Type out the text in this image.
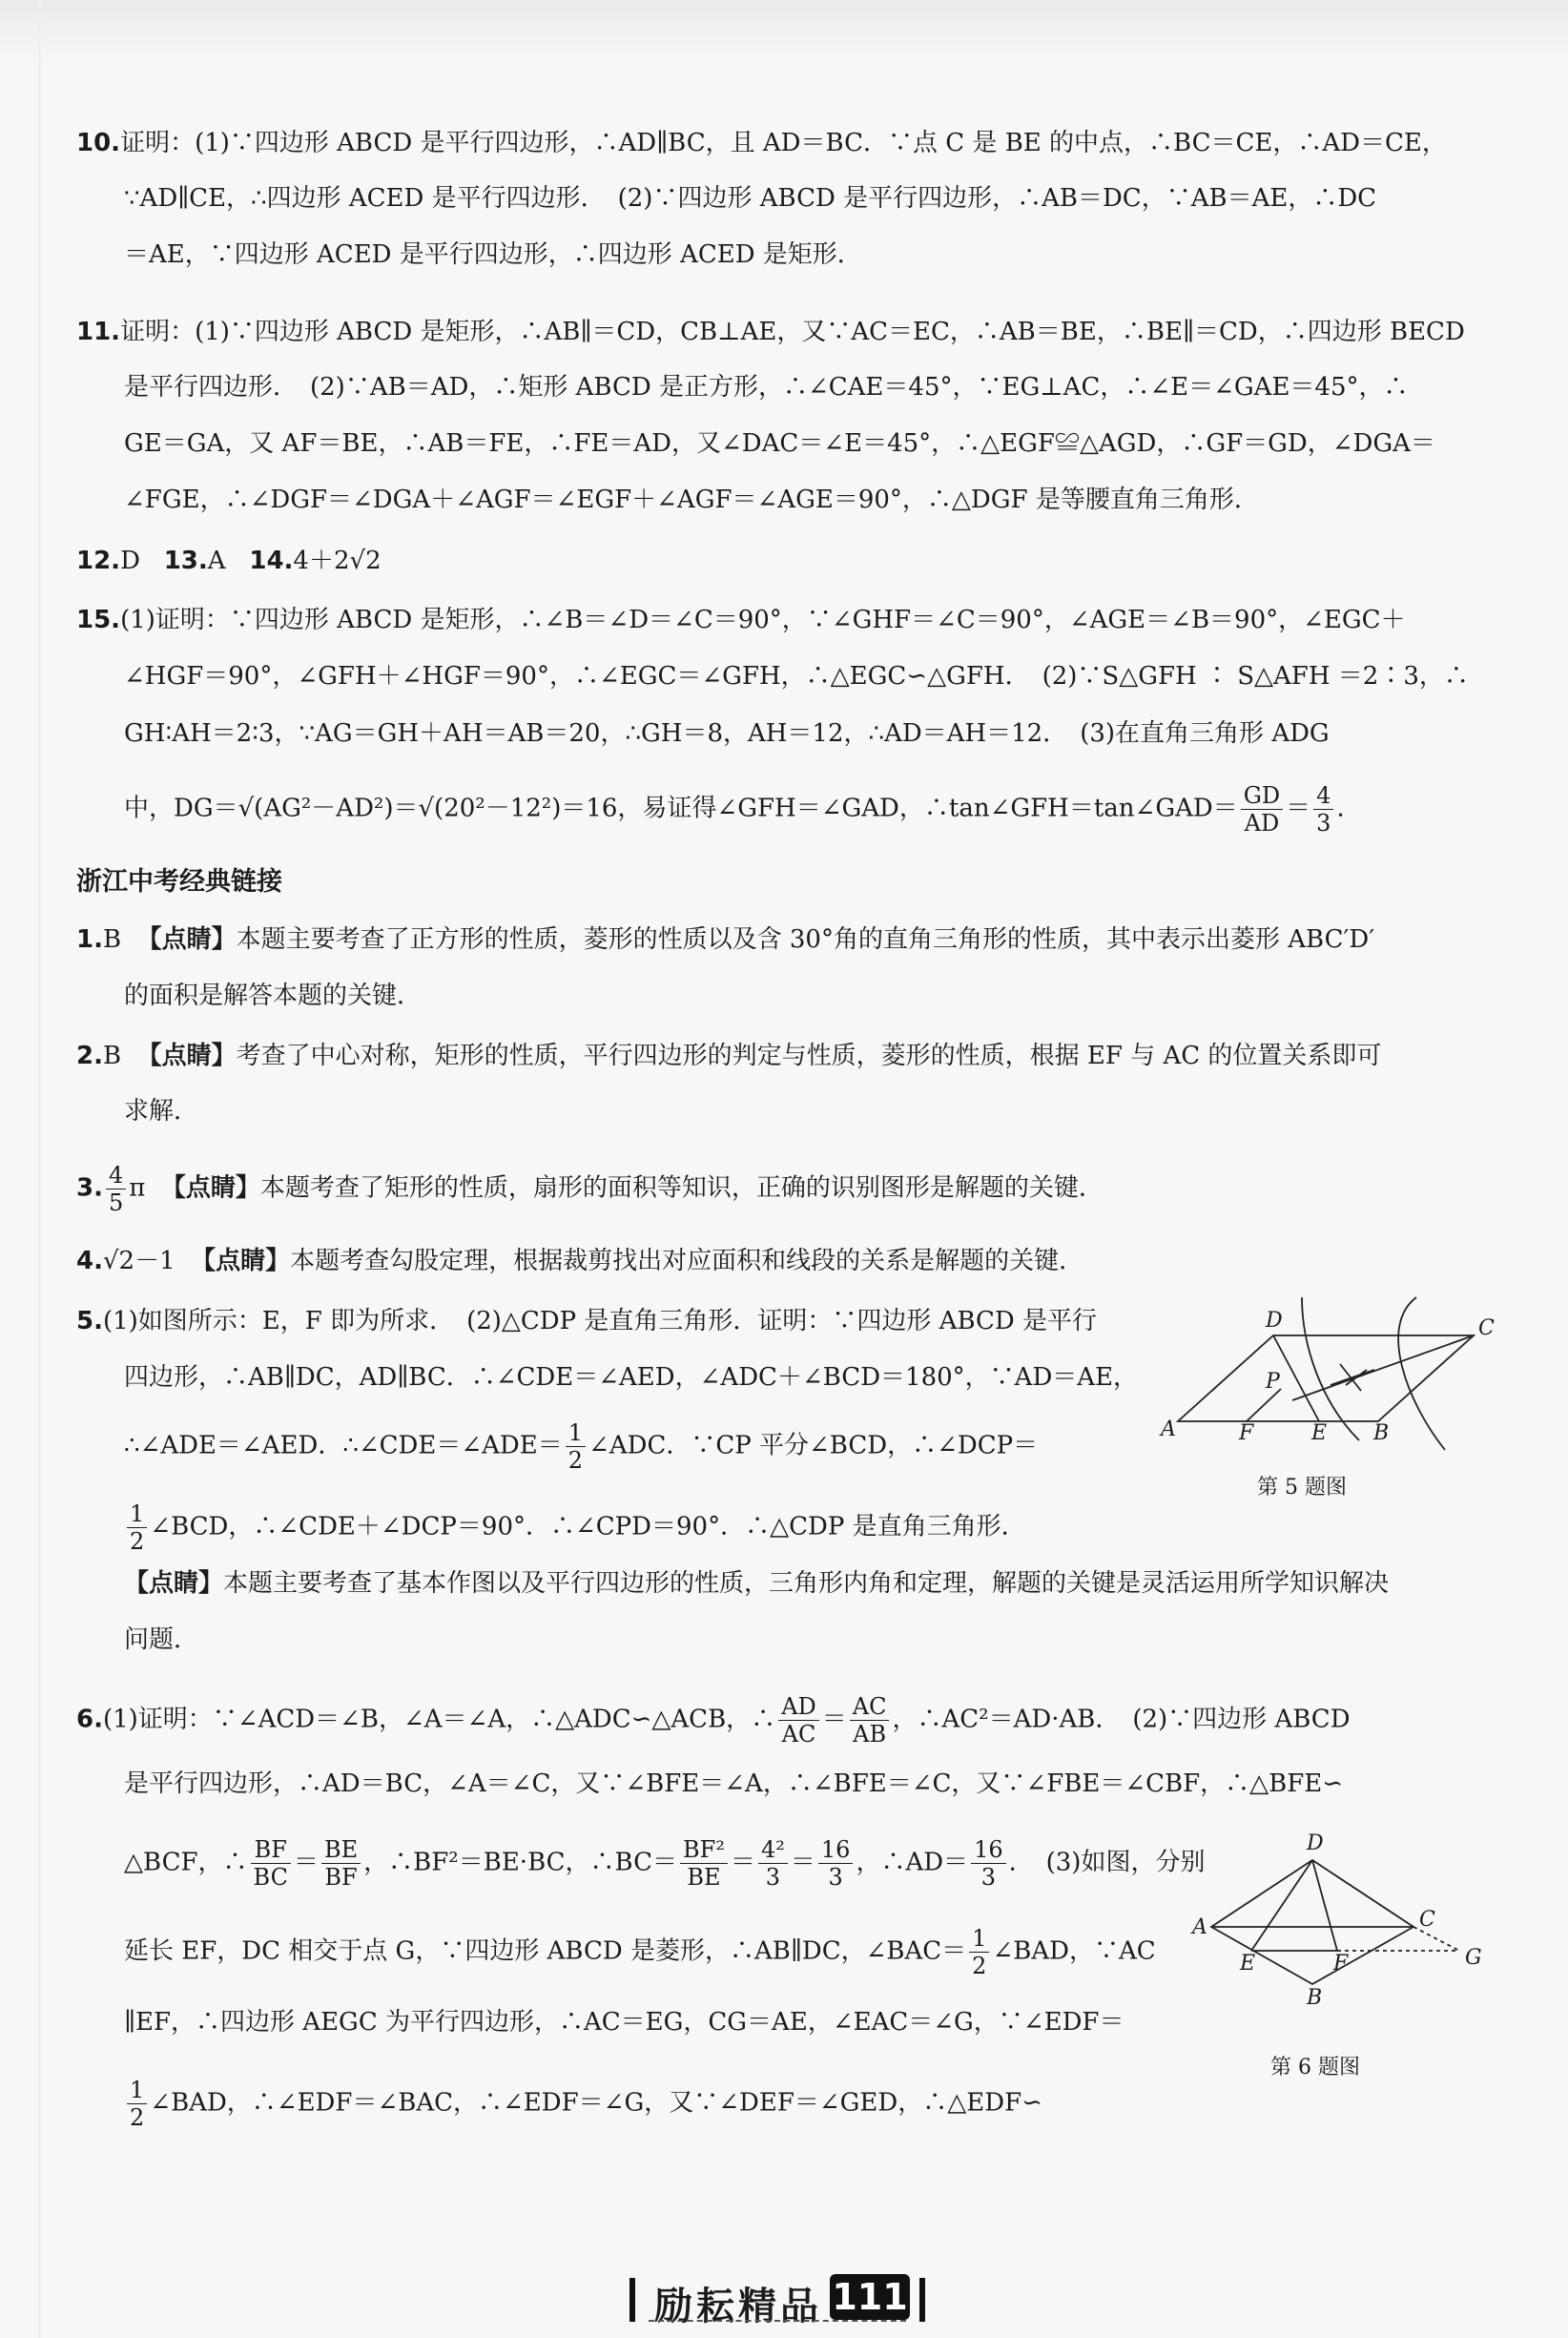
10.证明：(1)∵四边形 ABCD 是平行四边形，∴AD∥BC，且 AD＝BC．∵点 C 是 BE 的中点，∴BC＝CE，∴AD＝CE，
∵AD∥CE，∴四边形 ACED 是平行四边形．　(2)∵四边形 ABCD 是平行四边形，∴AB＝DC，∵AB＝AE，∴DC
＝AE，∵四边形 ACED 是平行四边形，∴四边形 ACED 是矩形．
11.证明：(1)∵四边形 ABCD 是矩形，∴AB∥＝CD，CB⊥AE，又∵AC＝EC，∴AB＝BE，∴BE∥＝CD，∴四边形 BECD
是平行四边形．　(2)∵AB＝AD，∴矩形 ABCD 是正方形，∴∠CAE＝45°，∵EG⊥AC，∴∠E＝∠GAE＝45°，∴
GE＝GA，又 AF＝BE，∴AB＝FE，∴FE＝AD，又∠DAC＝∠E＝45°，∴△EGF≌△AGD，∴GF＝GD，∠DGA＝
∠FGE，∴∠DGF＝∠DGA＋∠AGF＝∠EGF＋∠AGF＝∠AGE＝90°，∴△DGF 是等腰直角三角形．
12.D 13.A 14.4＋2√2
15.(1)证明：∵四边形 ABCD 是矩形，∴∠B＝∠D＝∠C＝90°，∵∠GHF＝∠C＝90°，∠AGE＝∠B＝90°，∠EGC＋
∠HGF＝90°，∠GFH＋∠HGF＝90°，∴∠EGC＝∠GFH，∴△EGC∽△GFH．　(2)∵S△GFH ∶ S△AFH ＝2∶3，∴
GH∶AH＝2∶3，∵AG＝GH＋AH＝AB＝20，∴GH＝8，AH＝12，∴AD＝AH＝12．　(3)在直角三角形 ADG
中，DG＝√(AG²－AD²)＝√(20²－12²)＝16，易证得∠GFH＝∠GAD，∴tan∠GFH＝tan∠GAD＝ $\frac{GD}{AD} = \frac{4}{3}$ ．
浙江中考经典链接
1.B 【点睛】本题主要考查了正方形的性质，菱形的性质以及含 30°角的直角三角形的性质，其中表示出菱形 ABC′D′
的面积是解答本题的关键．
2.B 【点睛】考查了中心对称，矩形的性质，平行四边形的判定与性质，菱形的性质，根据 EF 与 AC 的位置关系即可
求解．
3. $\frac{4}{5}$ π 【点睛】本题考查了矩形的性质，扇形的面积等知识，正确的识别图形是解题的关键．
4.√2－1 【点睛】本题考查勾股定理，根据裁剪找出对应面积和线段的关系是解题的关键．
5.(1)如图所示：E，F 即为所求．　(2)△CDP 是直角三角形．证明：∵四边形 ABCD 是平行
四边形，∴AB∥DC，AD∥BC．∴∠CDE＝∠AED，∠ADC＋∠BCD＝180°，∵AD＝AE，
∴∠ADE＝∠AED．∴∠CDE＝∠ADE＝ $\frac{1}{2}$ ∠ADC．∵CP 平分∠BCD，∴∠DCP＝
$\frac{1}{2}$ ∠BCD，∴∠CDE＋∠DCP＝90°．∴∠CPD＝90°．∴△CDP 是直角三角形．
【点睛】本题主要考查了基本作图以及平行四边形的性质，三角形内角和定理，解题的关键是灵活运用所学知识解决
问题．
6.(1)证明：∵∠ACD＝∠B，∠A＝∠A，∴△ADC∽△ACB，∴ $\frac{AD}{AC} = \frac{AC}{AB}$ ，∴AC²＝AD·AB．　(2)∵四边形 ABCD
是平行四边形，∴AD＝BC，∠A＝∠C，又∵∠BFE＝∠A，∴∠BFE＝∠C，又∵∠FBE＝∠CBF，∴△BFE∽
△BCF，∴ $\frac{BF}{BC} = \frac{BE}{BF}$ ，∴BF²＝BE·BC，∴BC＝ $\frac{\text{BF²}}{BE} = \frac{\text{4²}}{3} = \frac{16}{3}$ ，∴AD＝ $\frac{16}{3}$ ．　(3)如图，分别
延长 EF，DC 相交于点 G，∵四边形 ABCD 是菱形，∴AB∥DC，∠BAC＝ $\frac{1}{2}$ ∠BAD，∵AC
∥EF，∴四边形 AEGC 为平行四边形，∴AC＝EG，CG＝AE，∠EAC＝∠G，∵∠EDF＝
$\frac{1}{2}$ ∠BAD，∴∠EDF＝∠BAC，∴∠EDF＝∠G，又∵∠DEF＝∠GED，∴△EDF∽
D	C
P
A	F	E B
第 5 题图
D
A	C
E	F	G
B
第 6 题图
励耘精品 111
